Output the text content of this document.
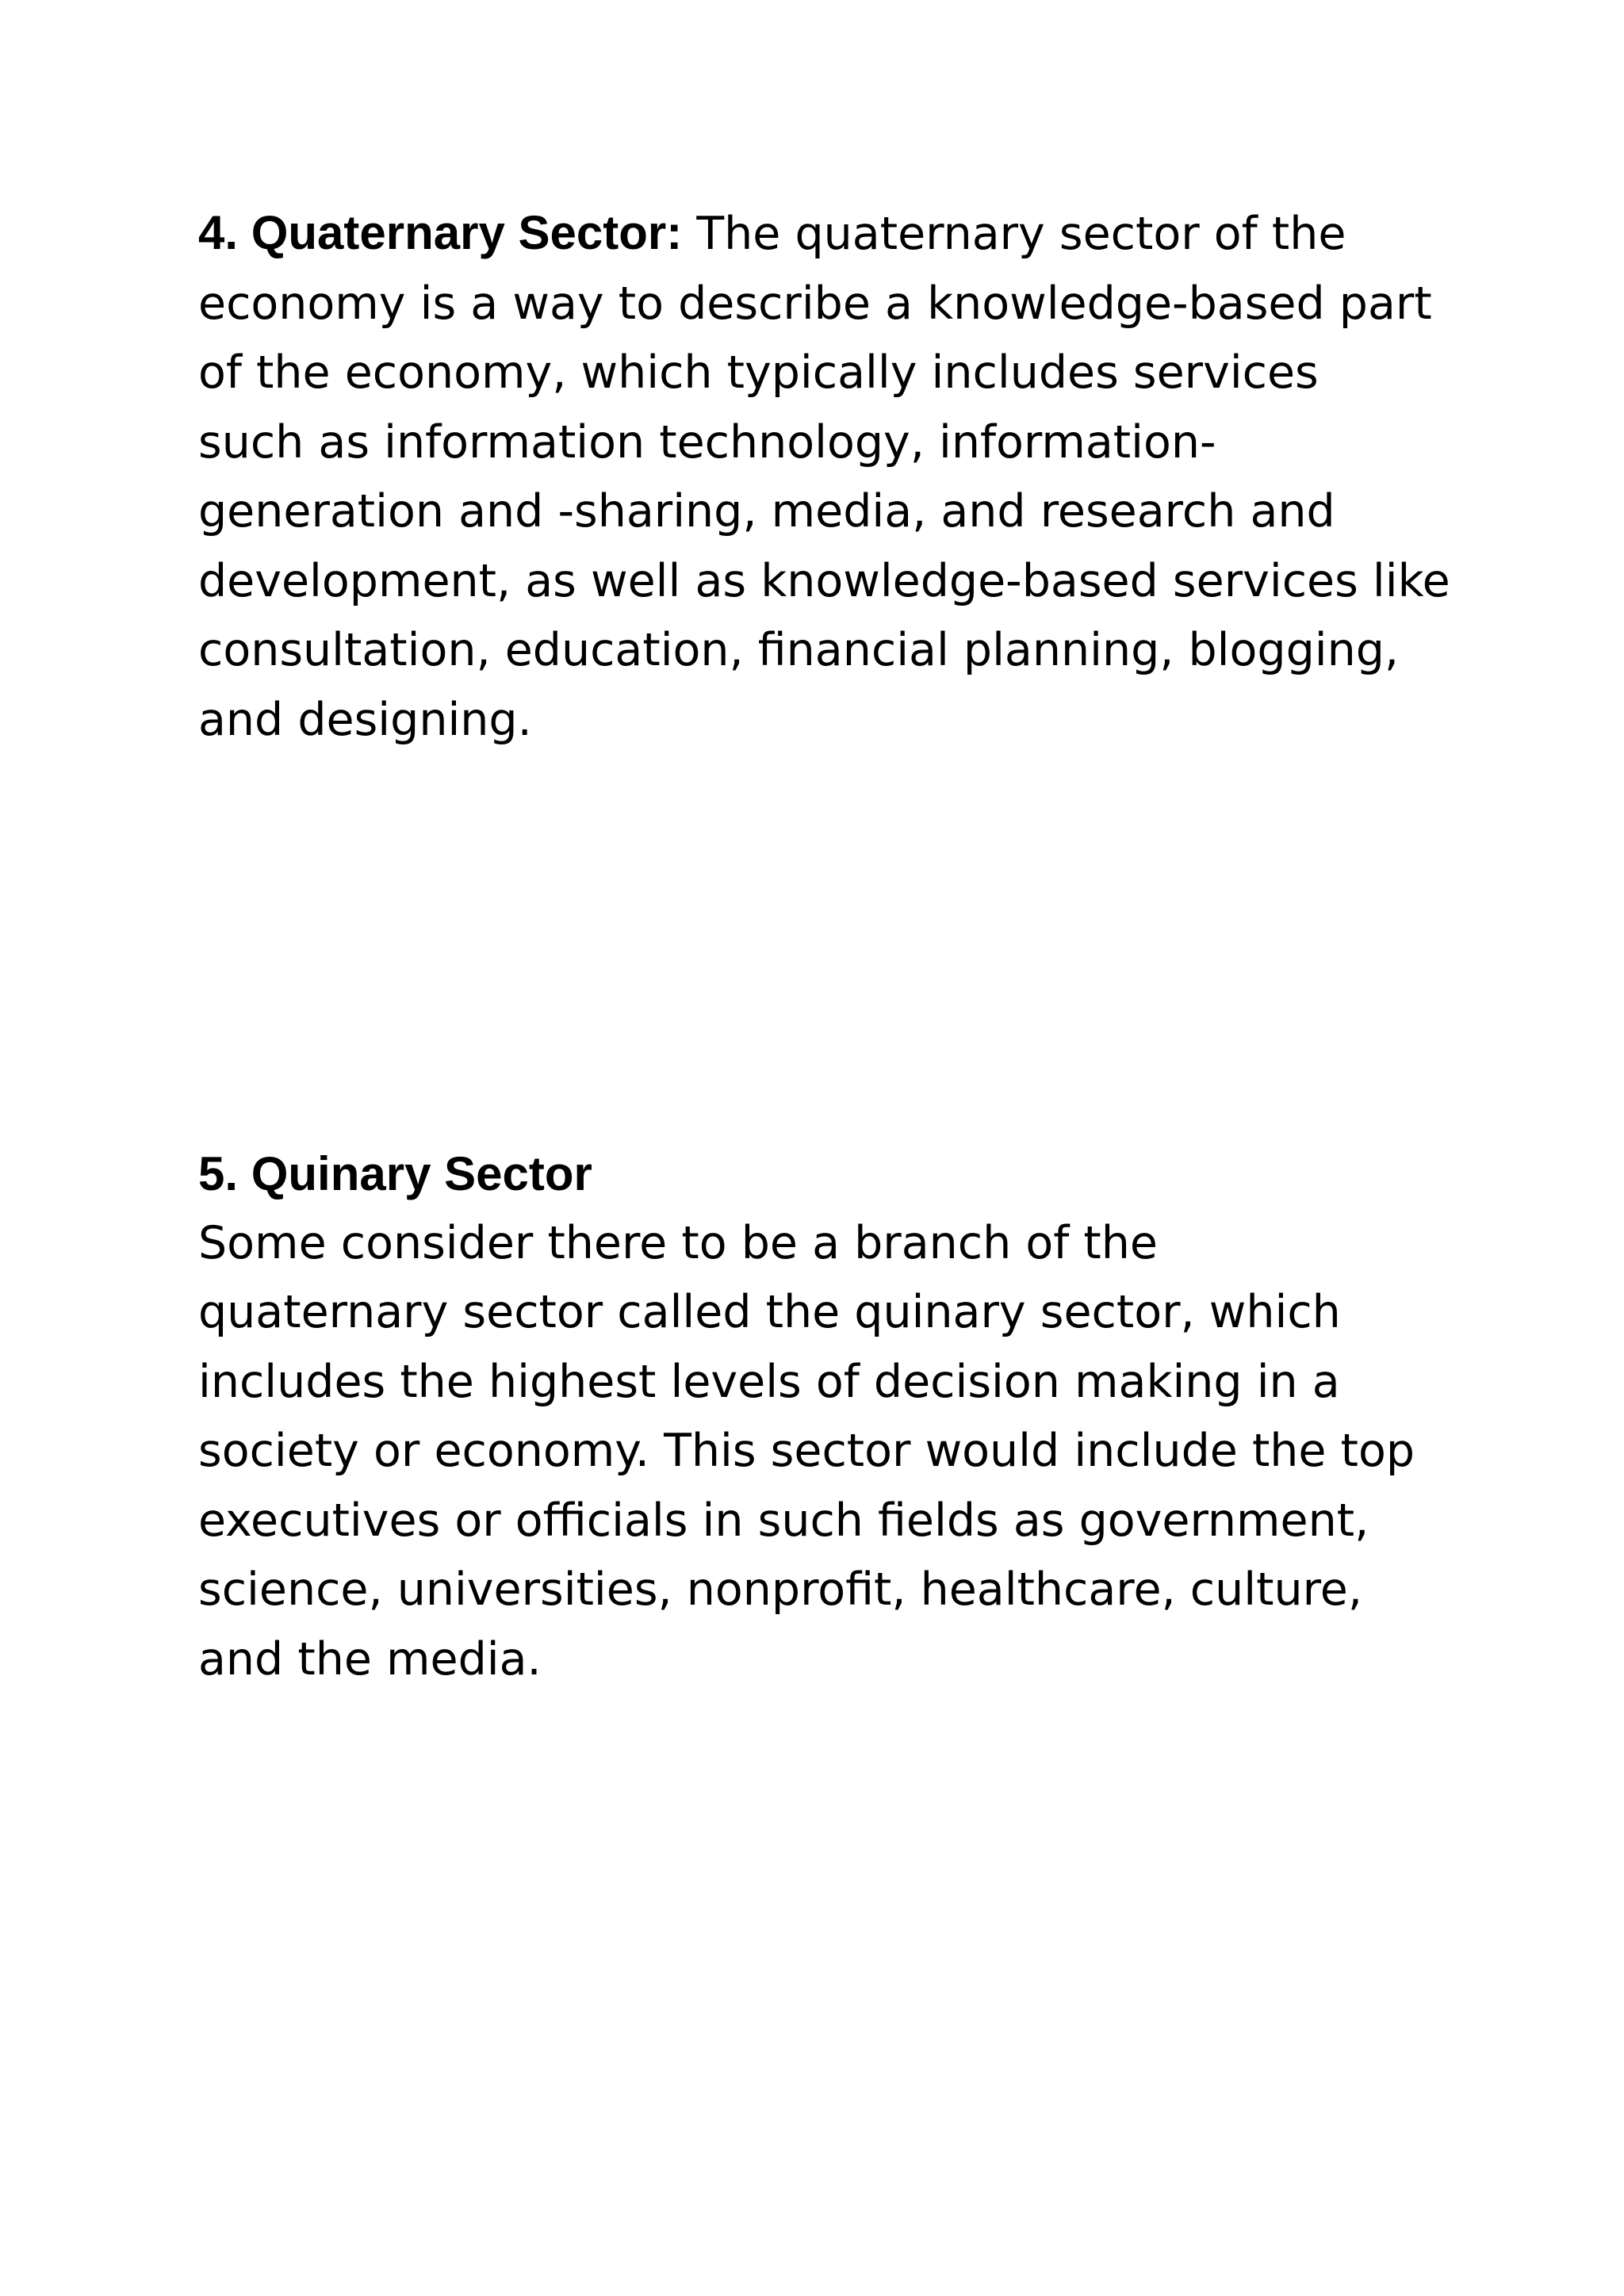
4. Quaternary Sector: The quaternary sector of the
economy is a way to describe a knowledge-based part
of the economy, which typically includes services
such as information technology, information-
generation and -sharing, media, and research and
development, as well as knowledge-based services like
consultation, education, financial planning, blogging,
and designing.

5. Quinary Sector

Some consider there to be a branch of the
quaternary sector called the quinary sector, which
includes the highest levels of decision making in a
society or economy. This sector would include the top
executives or officials in such fields as government,
science, universities, nonprofit, healthcare, culture,
and the media.
